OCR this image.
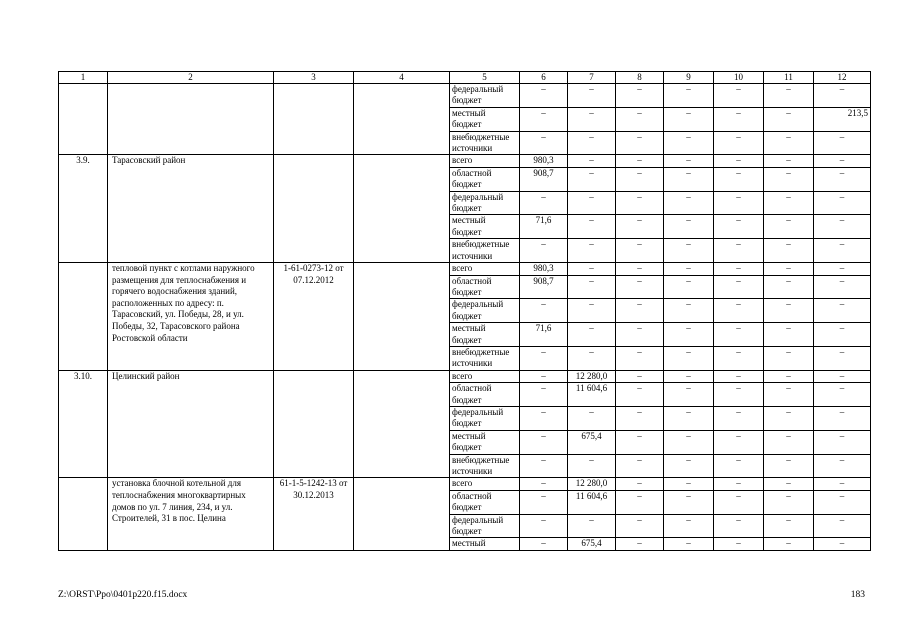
1	2	3	4	5	6	7	8	9	10	11	12
				федеральный бюджет	–	–	–	–	–	–	–
				местный бюджет	–	–	–	–	–	–	213,5
				внебюджетные источники	–	–	–	–	–	–	–
3.9.	Тарасовский район			всего	980,3	–	–	–	–	–	–
				областной бюджет	908,7	–	–	–	–	–	–
				федеральный бюджет	–	–	–	–	–	–	–
				местный бюджет	71,6	–	–	–	–	–	–
				внебюджетные источники	–	–	–	–	–	–	–
	тепловой пункт с котлами наружного размещения для теплоснабжения и горячего водоснабжения зданий, расположенных по адресу: п. Тарасовский, ул. Победы, 28, и ул. Победы, 32, Тарасовского района Ростовской области	1-61-0273-12 от 07.12.2012		всего	980,3	–	–	–	–	–	–
				областной бюджет	908,7	–	–	–	–	–	–
				федеральный бюджет	–	–	–	–	–	–	–
				местный бюджет	71,6	–	–	–	–	–	–
				внебюджетные источники	–	–	–	–	–	–	–
3.10.	Целинский район			всего	–	12 280,0	–	–	–	–	–
				областной бюджет	–	11 604,6	–	–	–	–	–
				федеральный бюджет	–	–	–	–	–	–	–
				местный бюджет	–	675,4	–	–	–	–	–
				внебюджетные источники	–	–	–	–	–	–	–
	установка блочной котельной для теплоснабжения многоквартирных домов по ул. 7 линия, 234, и ул. Строителей, 31 в пос. Целина	61-1-5-1242-13 от 30.12.2013		всего	–	12 280,0	–	–	–	–	–
				областной бюджет	–	11 604,6	–	–	–	–	–
				федеральный бюджет	–	–	–	–	–	–	–
				местный	–	675,4	–	–	–	–	–
Z:\ORST\Ppo\0401p220.f15.docx	183
